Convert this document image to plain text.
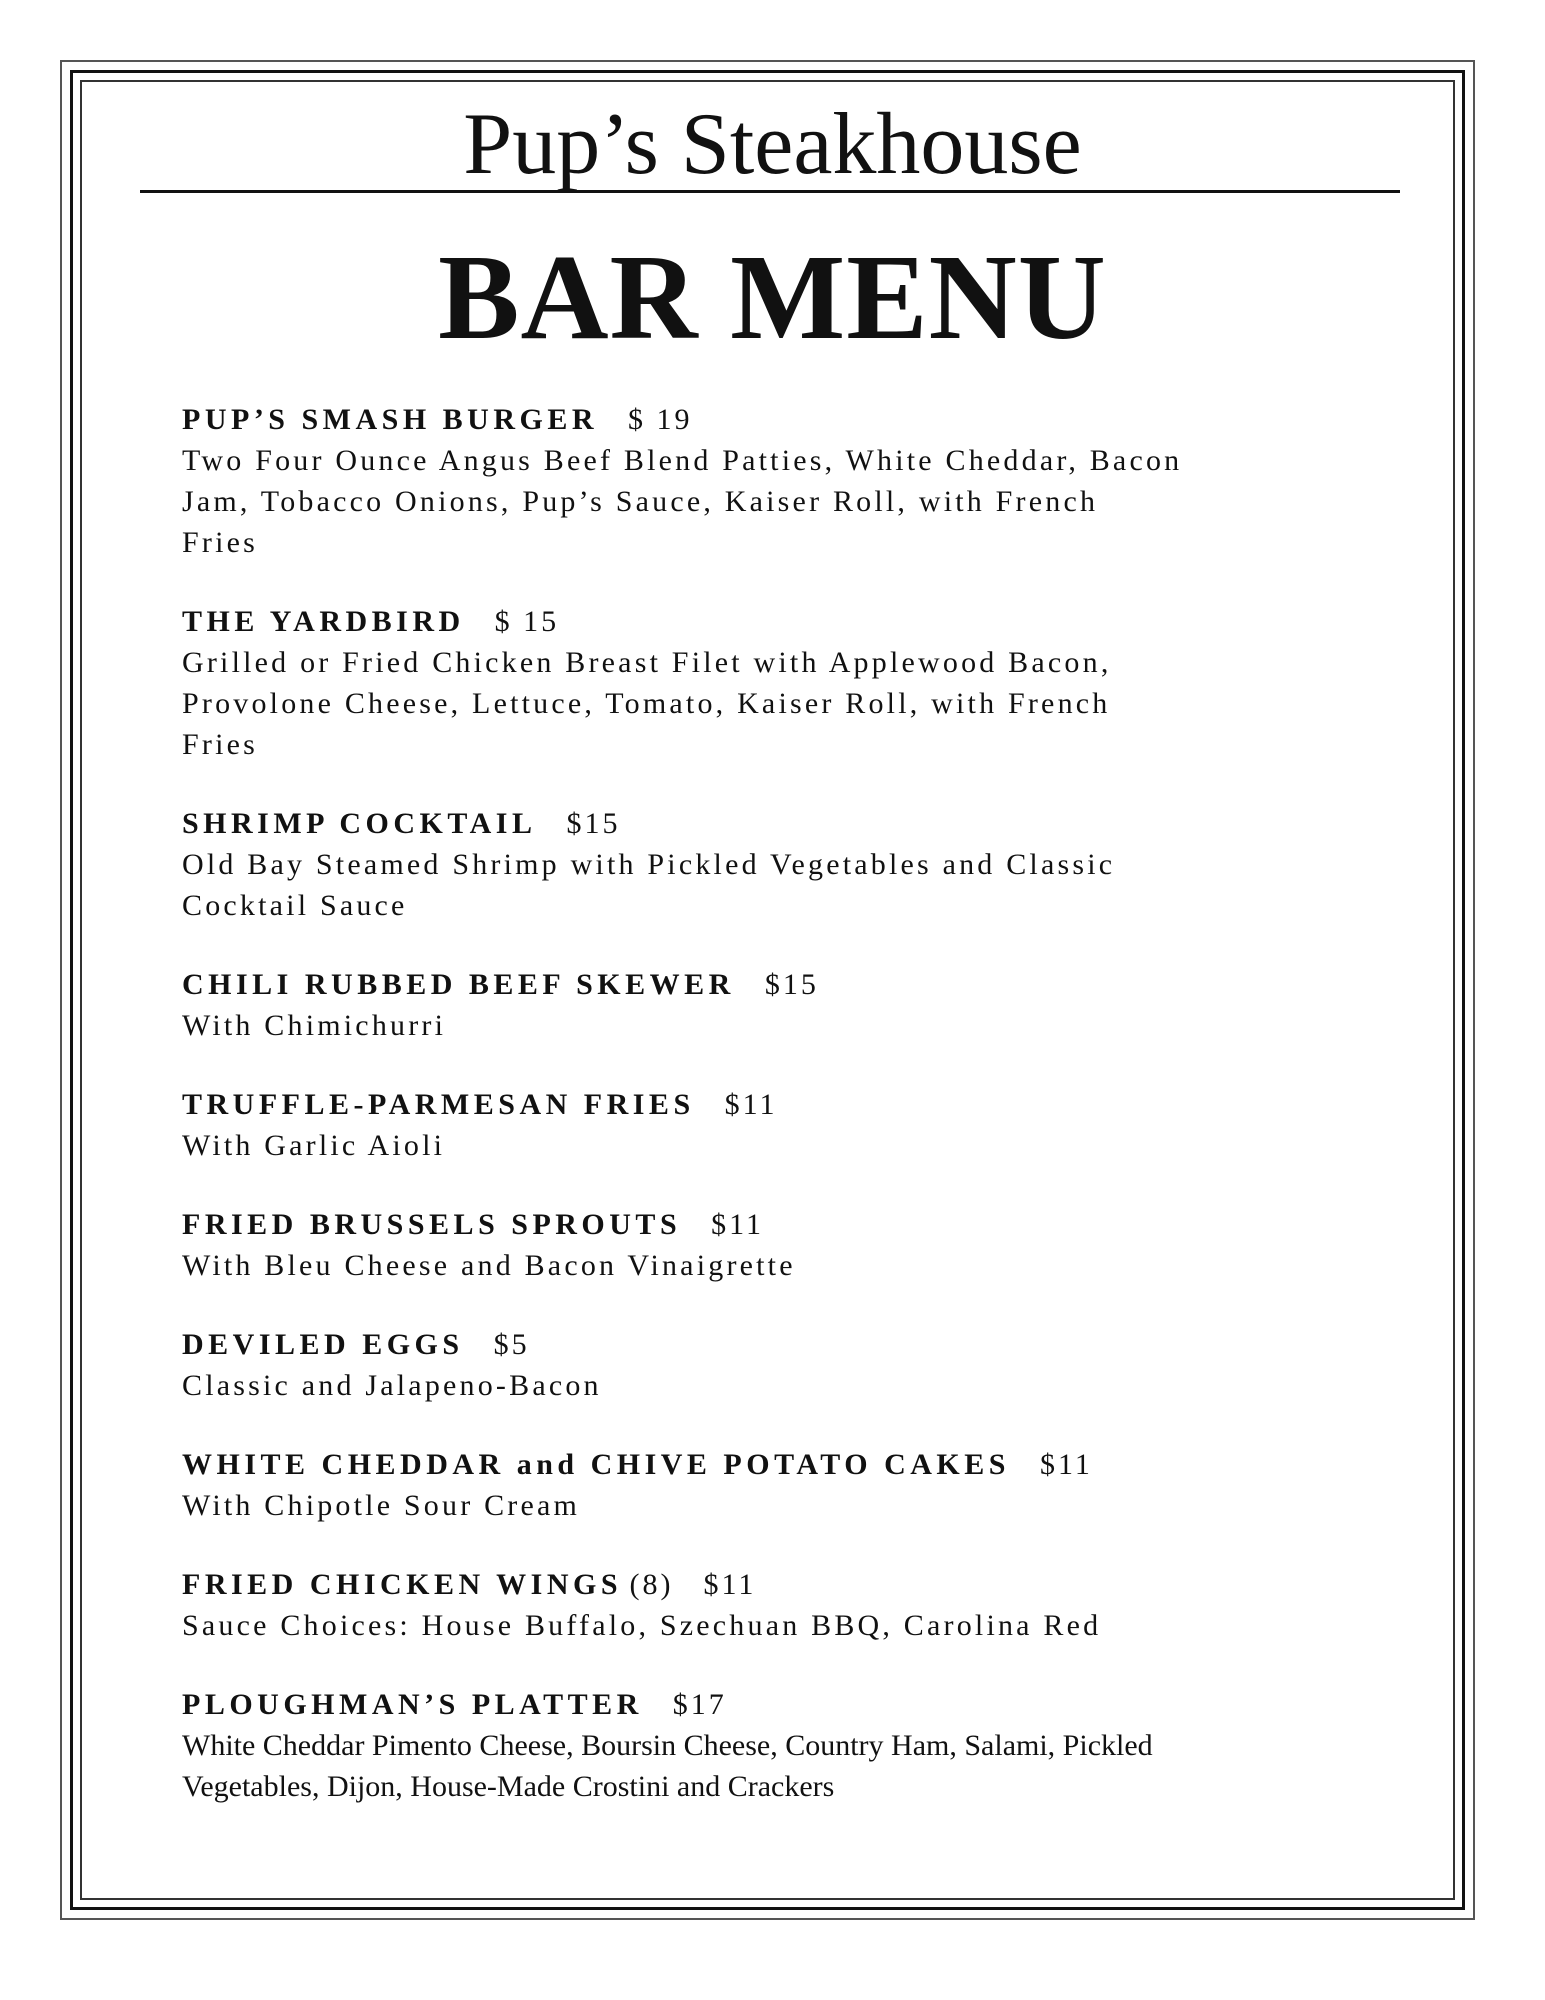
Pup’s Steakhouse
BAR MENU
PUP’S SMASH BURGER $ 19
Two Four Ounce Angus Beef Blend Patties, White Cheddar, Bacon
Jam, Tobacco Onions, Pup’s Sauce, Kaiser Roll, with French
Fries
THE YARDBIRD $ 15
Grilled or Fried Chicken Breast Filet with Applewood Bacon,
Provolone Cheese, Lettuce, Tomato, Kaiser Roll, with French
Fries
SHRIMP COCKTAIL $15
Old Bay Steamed Shrimp with Pickled Vegetables and Classic
Cocktail Sauce
CHILI RUBBED BEEF SKEWER $15
With Chimichurri
TRUFFLE-PARMESAN FRIES $11
With Garlic Aioli
FRIED BRUSSELS SPROUTS $11
With Bleu Cheese and Bacon Vinaigrette
DEVILED EGGS $5
Classic and Jalapeno-Bacon
WHITE CHEDDAR and CHIVE POTATO CAKES $11
With Chipotle Sour Cream
FRIED CHICKEN WINGS (8) $11
Sauce Choices: House Buffalo, Szechuan BBQ, Carolina Red
PLOUGHMAN’S PLATTER $17
White Cheddar Pimento Cheese, Boursin Cheese, Country Ham, Salami, Pickled
Vegetables, Dijon, House-Made Crostini and Crackers
